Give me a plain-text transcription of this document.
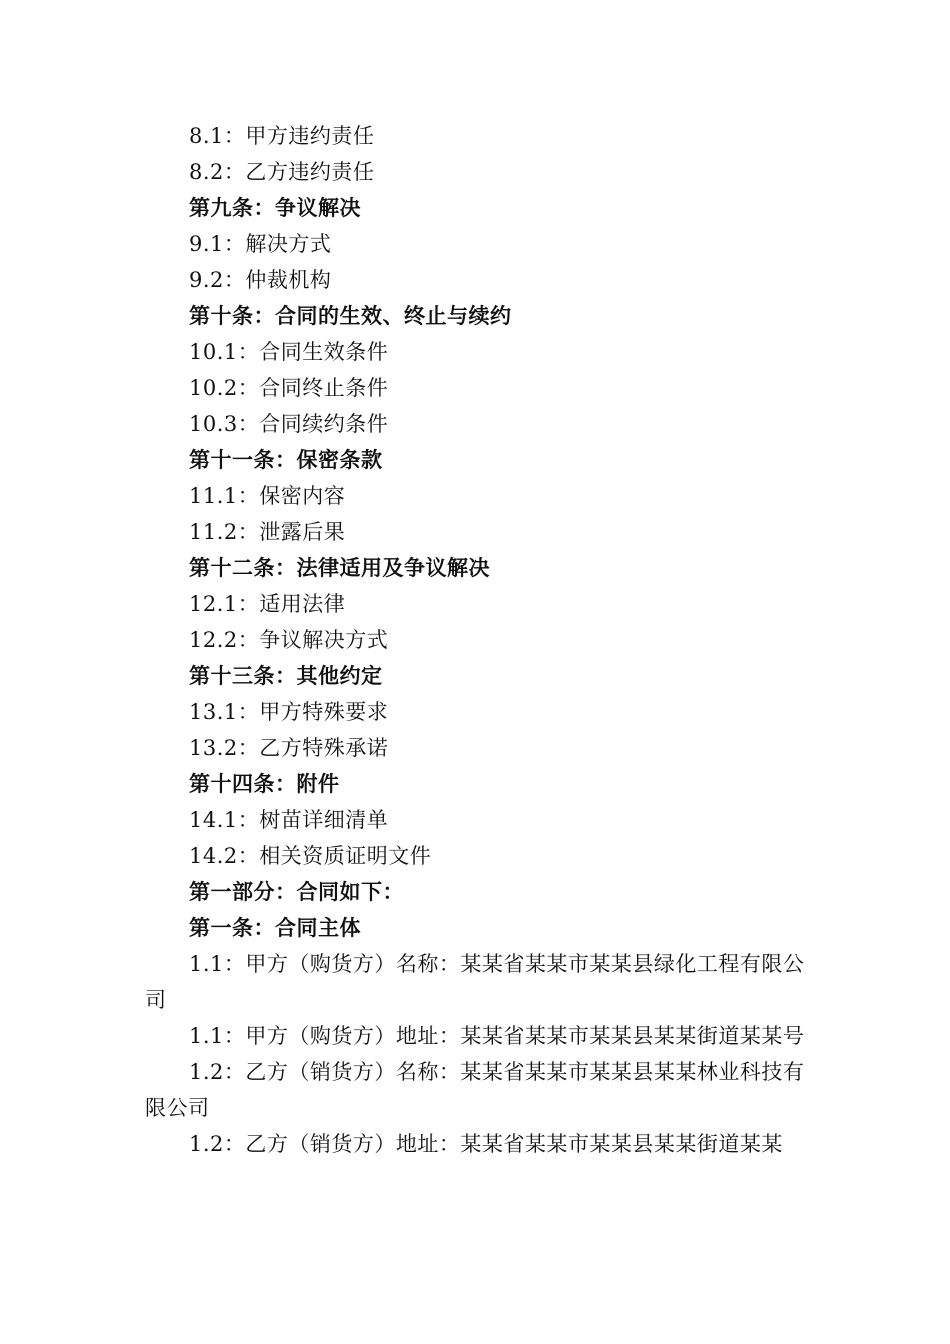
8.1：甲方违约责任
8.2：乙方违约责任
第九条：争议解决
9.1：解决方式
9.2：仲裁机构
第十条：合同的生效、终止与续约
10.1：合同生效条件
10.2：合同终止条件
10.3：合同续约条件
第十一条：保密条款
11.1：保密内容
11.2：泄露后果
第十二条：法律适用及争议解决
12.1：适用法律
12.2：争议解决方式
第十三条：其他约定
13.1：甲方特殊要求
13.2：乙方特殊承诺
第十四条：附件
14.1：树苗详细清单
14.2：相关资质证明文件
第一部分：合同如下：
第一条：合同主体
1.1：甲方（购货方）名称：某某省某某市某某县绿化工程有限公司
1.1：甲方（购货方）地址：某某省某某市某某县某某街道某某号
1.2：乙方（销货方）名称：某某省某某市某某县某某林业科技有限公司
1.2：乙方（销货方）地址：某某省某某市某某县某某街道某某
